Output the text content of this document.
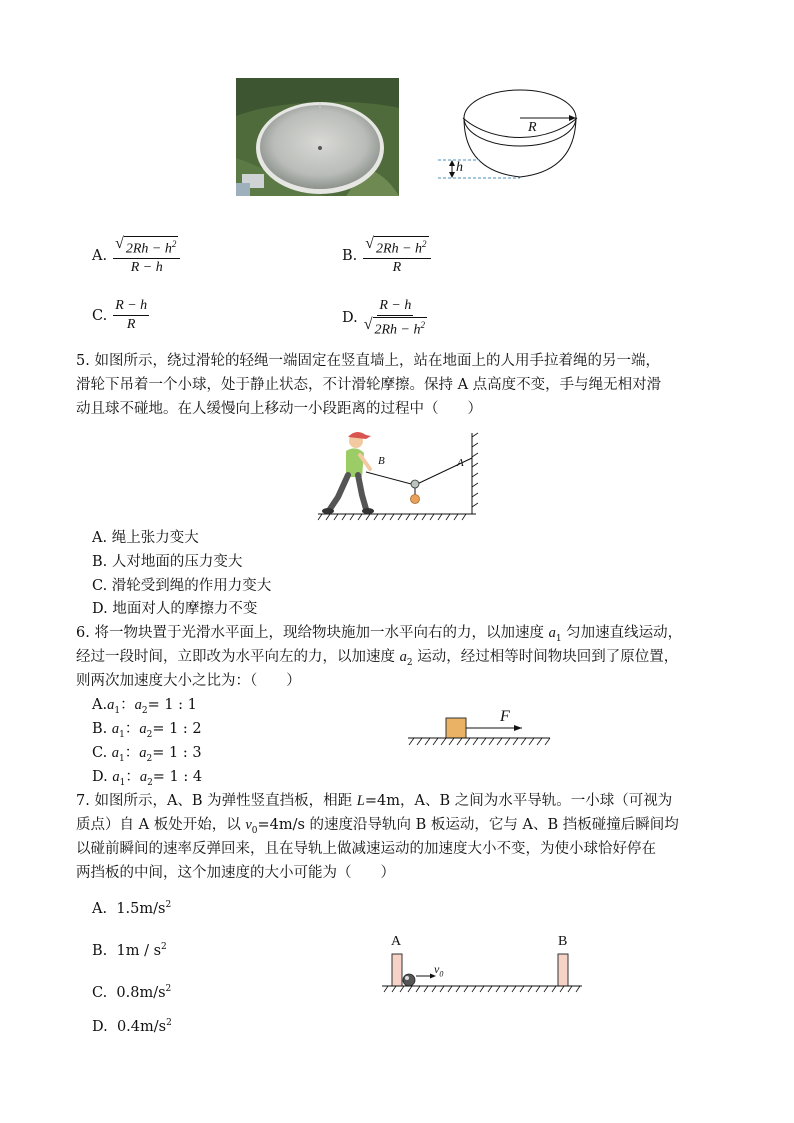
R
h
A. $\frac{√ 2Rh - h^2}{R - h}$	B. $\frac{√ 2Rh - h^2}{R}$
C. $\frac{R - h}{R}$	D. $\frac{R - h}{√ 2Rh - h^2}$
5. 如图所示，绕过滑轮的轻绳一端固定在竖直墙上，站在地面上的人用手拉着绳的另一端，
滑轮下吊着一个小球，处于静止状态，不计滑轮摩擦。保持 A 点高度不变，手与绳无相对滑
动且球不碰地。在人缓慢向上移动一小段距离的过程中（　　）
B	A
A. 绳上张力变大
B. 人对地面的压力变大
C. 滑轮受到绳的作用力变大
D. 地面对人的摩擦力不变
6. 将一物块置于光滑水平面上，现给物块施加一水平向右的力，以加速度 $a_1$ 匀加速直线运动，
经过一段时间，立即改为水平向左的力，以加速度 $a_2$ 运动，经过相等时间物块回到了原位置，
则两次加速度大小之比为：（　　）
$A.a_1$：$a_2= 1$ : 1
B. $a_1$：$a_2= 1$ : 2
C. $a_1$：$a_2= 1$ : 3
D. $a_1$：$a_2= 1$ : 4
F
7. 如图所示，A、B 为弹性竖直挡板，相距 L=4m，A、B 之间为水平导轨。一小球（可视为
质点）自 A 板处开始，以 $v_0=4m/s$ 的速度沿导轨向 B 板运动，它与 A、B 挡板碰撞后瞬间均
以碰前瞬间的速率反弹回来，且在导轨上做减速运动的加速度大小不变，为使小球恰好停在
两挡板的中间，这个加速度的大小可能为（　　）
A. $1.5m/s^2$
B. $1m / s^2$
C. $0.8m/s^2$
D. $0.4m/s^2$
A	B
$v_0$
